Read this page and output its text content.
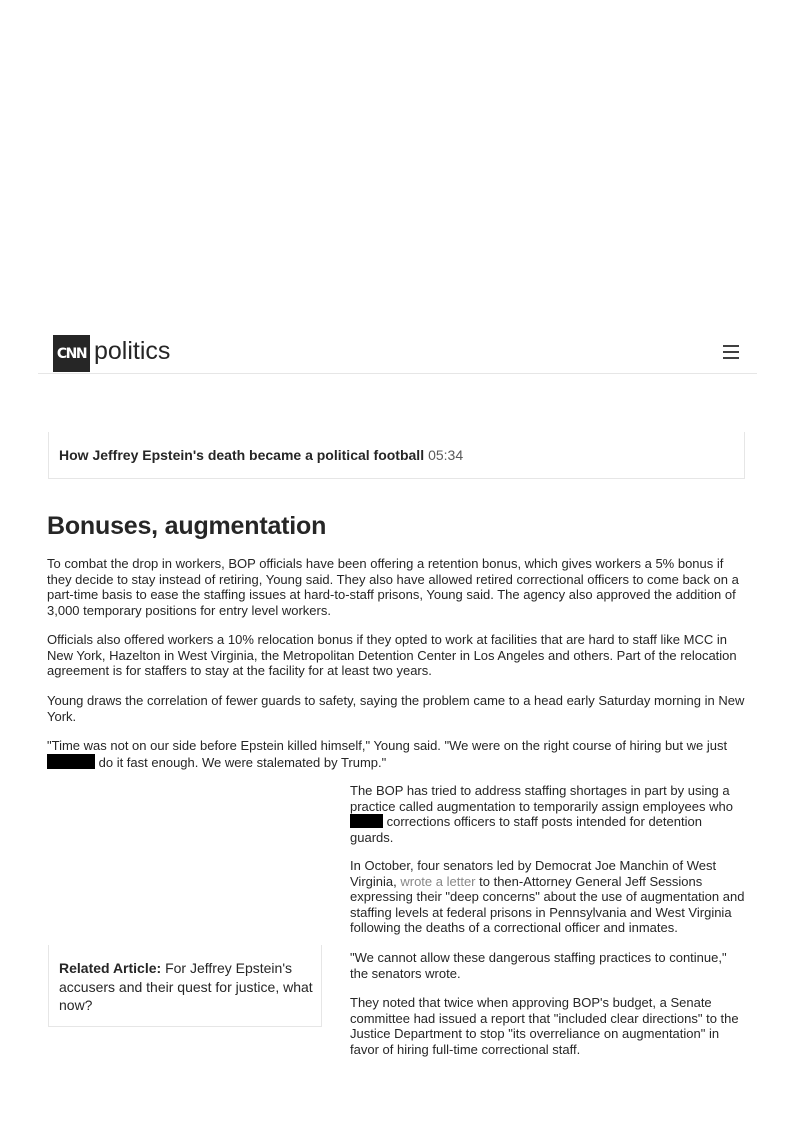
CNN politics
How Jeffrey Epstein's death became a political football 05:34
Bonuses, augmentation

To combat the drop in workers, BOP officials have been offering a retention bonus, which gives workers a 5% bonus if they decide to stay instead of retiring, Young said. They also have allowed retired correctional officers to come back on a part-time basis to ease the staffing issues at hard-to-staff prisons, Young said. The agency also approved the addition of 3,000 temporary positions for entry level workers.

Officials also offered workers a 10% relocation bonus if they opted to work at facilities that are hard to staff like MCC in New York, Hazelton in West Virginia, the Metropolitan Detention Center in Los Angeles and others. Part of the relocation agreement is for staffers to stay at the facility for at least two years.

Young draws the correlation of fewer guards to safety, saying the problem came to a head early Saturday morning in New York.

"Time was not on our side before Epstein killed himself," Young said. "We were on the right course of hiring but we just
do it fast enough. We were stalemated by Trump."

The BOP has tried to address staffing shortages in part by using a practice called augmentation to temporarily assign employees who  corrections officers to staff posts intended for detention guards.

In October, four senators led by Democrat Joe Manchin of West Virginia, wrote a letter to then-Attorney General Jeff Sessions expressing their "deep concerns" about the use of augmentation and staffing levels at federal prisons in Pennsylvania and West Virginia following the deaths of a correctional officer and inmates.

"We cannot allow these dangerous staffing practices to continue," the senators wrote.

They noted that twice when approving BOP's budget, a Senate committee had issued a report that "included clear directions" to the Justice Department to stop "its overreliance on augmentation" in favor of hiring full-time correctional staff.

Related Article: For Jeffrey Epstein's accusers and their quest for justice, what now?
